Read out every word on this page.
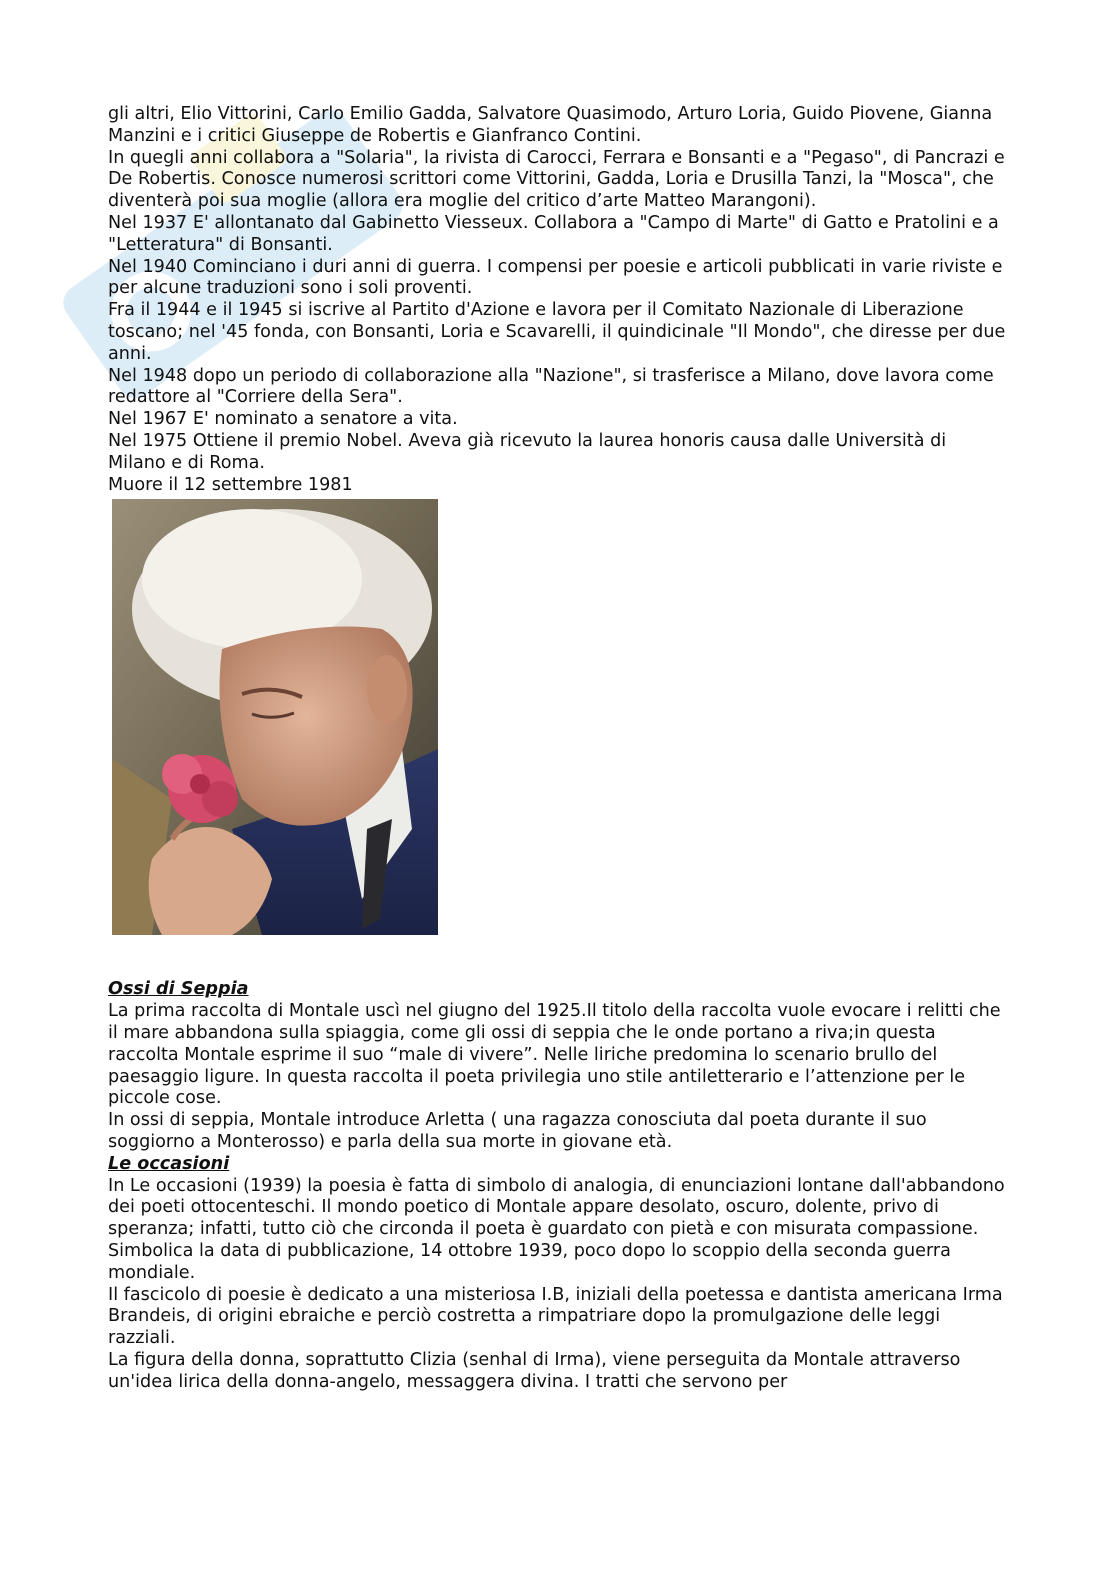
gli altri, Elio Vittorini, Carlo Emilio Gadda, Salvatore Quasimodo, Arturo Loria, Guido Piovene, Gianna Manzini e i critici Giuseppe de Robertis e Gianfranco Contini.

In quegli anni collabora a "Solaria", la rivista di Carocci, Ferrara e Bonsanti e a "Pegaso", di Pancrazi e De Robertis. Conosce numerosi scrittori come Vittorini, Gadda, Loria e Drusilla Tanzi, la "Mosca", che diventerà poi sua moglie (allora era moglie del critico d’arte Matteo Marangoni).

Nel 1937 E' allontanato dal Gabinetto Viesseux. Collabora a "Campo di Marte" di Gatto e Pratolini e a "Letteratura" di Bonsanti.

Nel 1940 Cominciano i duri anni di guerra. I compensi per poesie e articoli pubblicati in varie riviste e per alcune traduzioni sono i soli proventi.

Fra il 1944 e il 1945 si iscrive al Partito d'Azione e lavora per il Comitato Nazionale di Liberazione toscano; nel '45 fonda, con Bonsanti, Loria e Scavarelli, il quindicinale "Il Mondo", che diresse per due anni.

Nel 1948 dopo un periodo di collaborazione alla "Nazione", si trasferisce a Milano, dove lavora come redattore al "Corriere della Sera".

Nel 1967 E' nominato a senatore a vita.

Nel 1975 Ottiene il premio Nobel. Aveva già ricevuto la laurea honoris causa dalle Università di Milano e di Roma.

Muore il 12 settembre 1981

Ossi di Seppia

La prima raccolta di Montale uscì nel giugno del 1925.Il titolo della raccolta vuole evocare i relitti che il mare abbandona sulla spiaggia, come gli ossi di seppia che le onde portano a riva;in questa raccolta Montale esprime il suo “male di vivere”. Nelle liriche predomina lo scenario brullo del paesaggio ligure. In questa raccolta il poeta privilegia uno stile antiletterario e l’attenzione per le piccole cose.

In ossi di seppia, Montale introduce Arletta ( una ragazza conosciuta dal poeta durante il suo soggiorno a Monterosso) e parla della sua morte in giovane età.

Le occasioni

In Le occasioni (1939) la poesia è fatta di simbolo di analogia, di enunciazioni lontane dall'abbandono dei poeti ottocenteschi. Il mondo poetico di Montale appare desolato, oscuro, dolente, privo di speranza; infatti, tutto ciò che circonda il poeta è guardato con pietà e con misurata compassione. Simbolica la data di pubblicazione, 14 ottobre 1939, poco dopo lo scoppio della seconda guerra mondiale.

Il fascicolo di poesie è dedicato a una misteriosa I.B, iniziali della poetessa e dantista americana Irma Brandeis, di origini ebraiche e perciò costretta a rimpatriare dopo la promulgazione delle leggi razziali.

La figura della donna, soprattutto Clizia (senhal di Irma), viene perseguita da Montale attraverso un'idea lirica della donna-angelo, messaggera divina. I tratti che servono per
